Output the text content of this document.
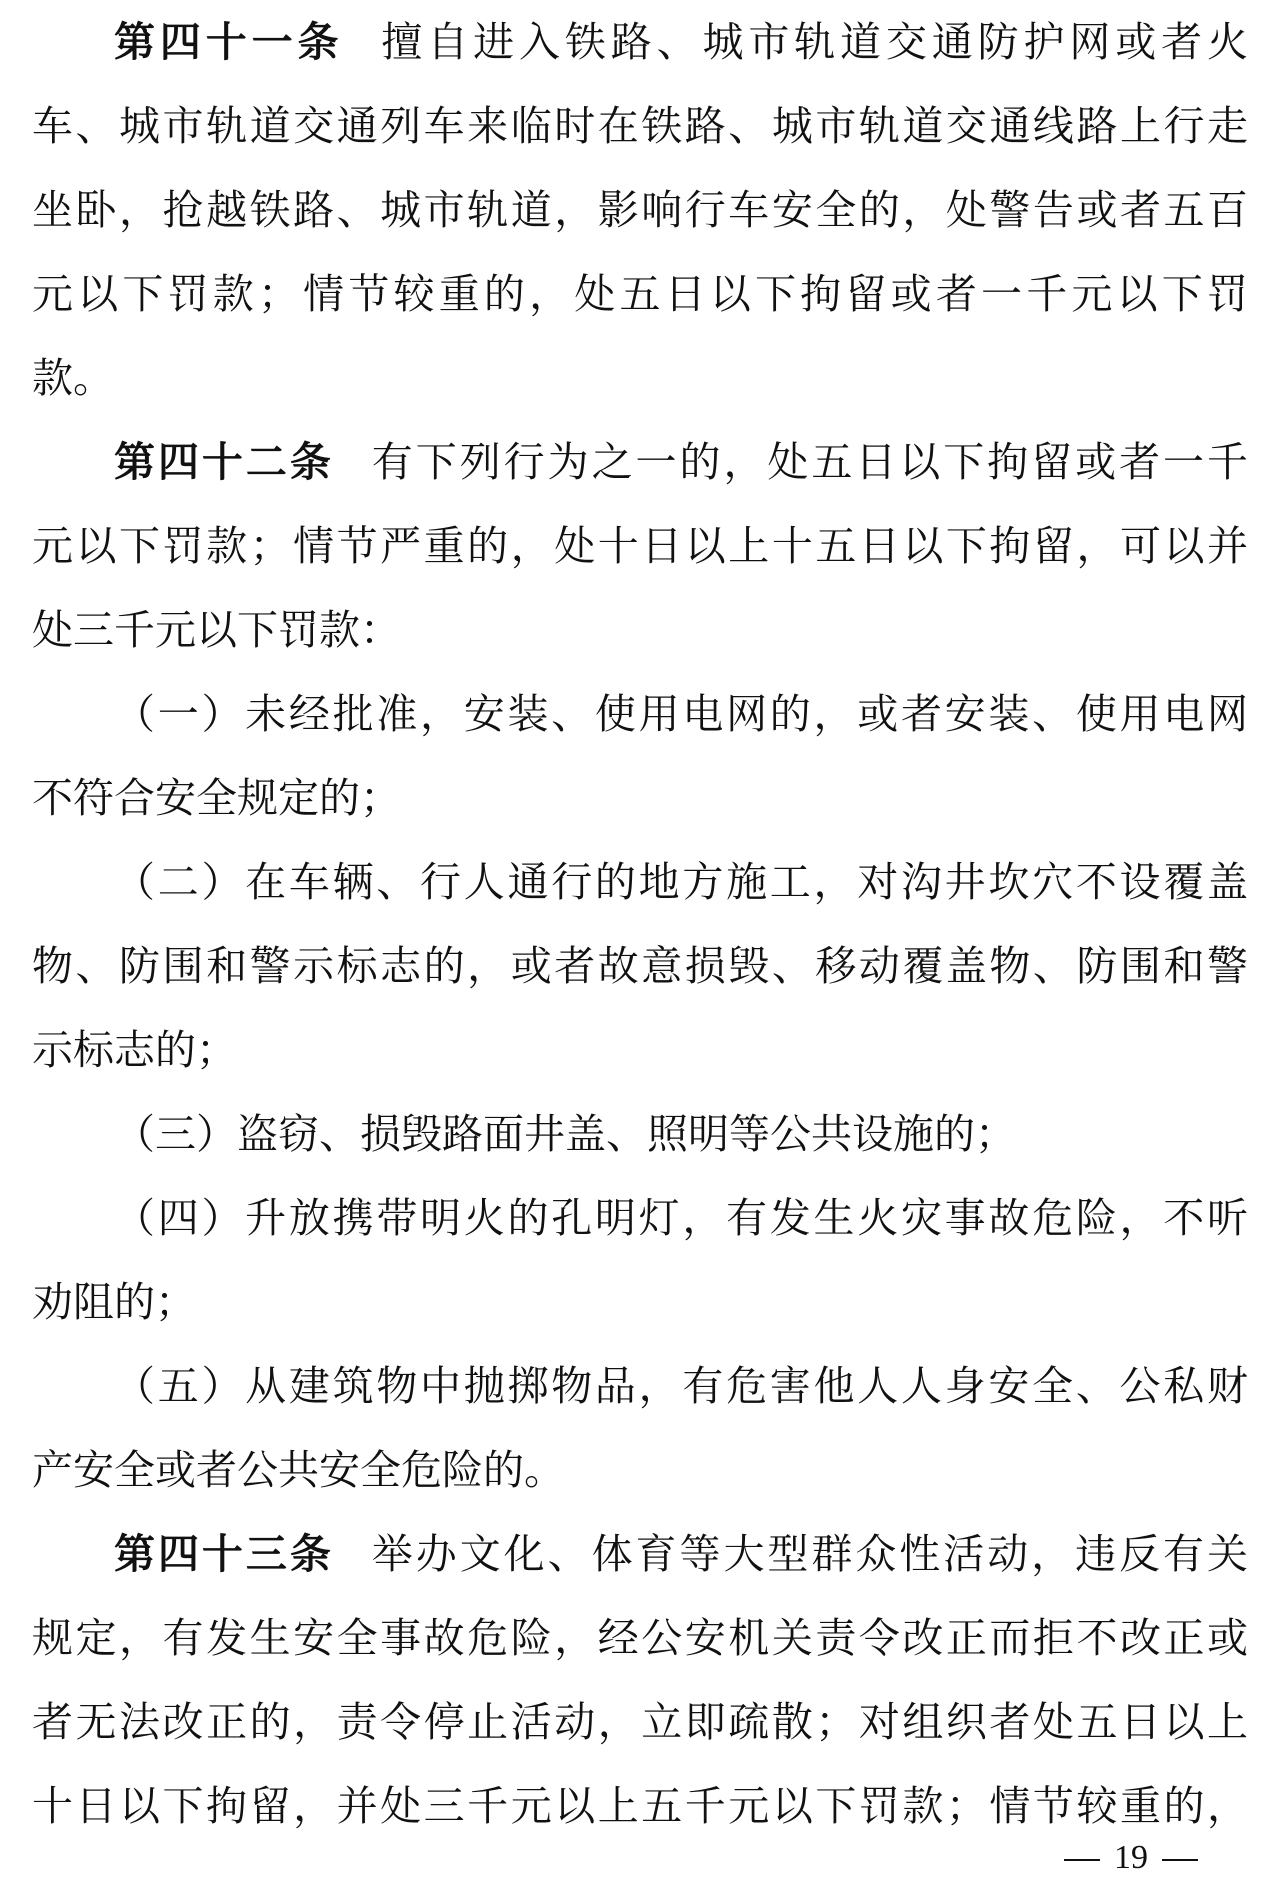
第四十一条 擅自进入铁路、城市轨道交通防护网或者火
车、城市轨道交通列车来临时在铁路、城市轨道交通线路上行走
坐卧，抢越铁路、城市轨道，影响行车安全的，处警告或者五百
元以下罚款；情节较重的，处五日以下拘留或者一千元以下罚
款。
第四十二条 有下列行为之一的，处五日以下拘留或者一千
元以下罚款；情节严重的，处十日以上十五日以下拘留，可以并
处三千元以下罚款：
（一）未经批准，安装、使用电网的，或者安装、使用电网
不符合安全规定的；
（二）在车辆、行人通行的地方施工，对沟井坎穴不设覆盖
物、防围和警示标志的，或者故意损毁、移动覆盖物、防围和警
示标志的；
（三）盗窃、损毁路面井盖、照明等公共设施的；
（四）升放携带明火的孔明灯，有发生火灾事故危险，不听
劝阻的；
（五）从建筑物中抛掷物品，有危害他人人身安全、公私财
产安全或者公共安全危险的。
第四十三条 举办文化、体育等大型群众性活动，违反有关
规定，有发生安全事故危险，经公安机关责令改正而拒不改正或
者无法改正的，责令停止活动，立即疏散；对组织者处五日以上
十日以下拘留，并处三千元以上五千元以下罚款；情节较重的，
19
